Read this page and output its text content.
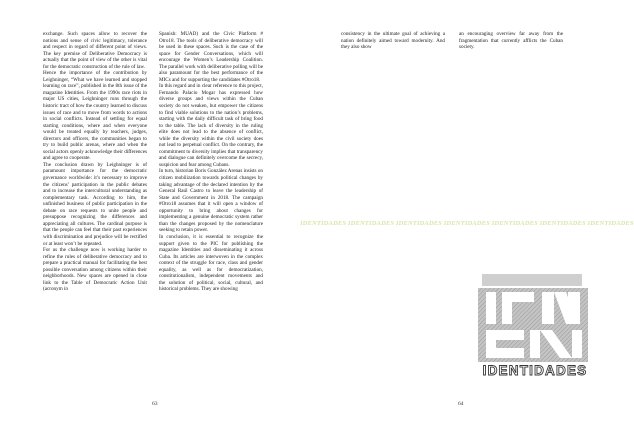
exchange. Such spaces allow to recover the notions and sense of civic legitimacy, tolerance and respect in regard of different point of views. The key premise of Deliberative Democracy is actually that the point of view of the other is vital for the democratic construction of the rule of law.

Hence the importance of the contribution by Leighninger, “What we have learned and stopped learning on race”, published in the 8th issue of the magazine Identities. From the 1990s race riots in major US cities, Leighninger runs through the historic tract of how the country learned to discuss issues of race and to move from words to actions in social conflicts. Instead of settling for equal starting conditions, where and when everyone would be treated equally by teachers, judges, directors and officers, the communities began to try to build public arenas, where and when the social actors openly acknowledge their differences and agree to cooperate.

The conclusion drawn by Leighninger is of paramount importance for the democratic governance worldwide: it’s necessary to improve the citizens’ participation in the public debates and to increase the intercultural understanding as complementary task. According to him, the unfinished business of public participation in the debate on race requests to unite people and presuppose recognizing the differences and appreciating all cultures. The cardinal purpose is that the people can feel that their past experiences with discrimination and prejudice will be rectified or at least won’t be repeated.

For us the challenge now is working harder to refine the rules of deliberative democracy and to prepare a practical manual for facilitating the best possible conversation among citizens within their neighborhoods. New spaces are opened in close link to the Table of Democratic Action Unit (acronym in

Spanish: MUAD) and the Civic Platform # Otro18. The tools of deliberative democracy will be used in these spaces. Such is the case of the space for Gender Conversations, which will encourage the Women’s Leadership Coalition. The parallel work with deliberative polling will be also paramount for the best performance of the MICs and for supporting the candidates #Otro18.

In this regard and in clear reference to this project, Fernando Palacio Mogar has expressed how diverse groups and views within the Cuban society do not weaken, but empower the citizens to find viable solutions to the nation’s problems, starting with the daily difficult task of bring food to the table. The lack of diversity in the ruling elite does not lead to the absence of conflict, while the diversity within the civil society does not lead to perpetual conflict. On the contrary, the commitment to diversity implies that transparency and dialogue can definitely overcome the secrecy, suspicion and fear among Cubans.

In turn, historian Boris González Arenas insists on citizen mobilization towards political changes by taking advantage of the declared intention by the General Raúl Castro to leave the leadership of State and Government in 2018. The campaign #Otro18 assumes that it will open a window of opportunity to bring about changes for implementing a genuine democratic system rather than the changes proposed by the nomenclature seeking to retain power.

In conclusion, it is essential to recognize the support given to the PIC for publishing the magazine Identities and disseminating it across Cuba. Its articles are interwoven in the complex context of the struggle for race, class and gender equality, as well as for democratization, constitutionalism, independent movements and the solution of political, social, cultural, and historical problems. They are showing

63

consistency in the ultimate goal of achieving a nation definitely aimed toward modernity. And they also show

an encouraging overview far away from the fragmentation that currently afflicts the Cuban society.

IDENTIDADES IDENTIDADES IDENTIDADES IDENTIDADES IDENTIDADES IDENTIDADES IDENTIDADES
IDENTIDADES
64
